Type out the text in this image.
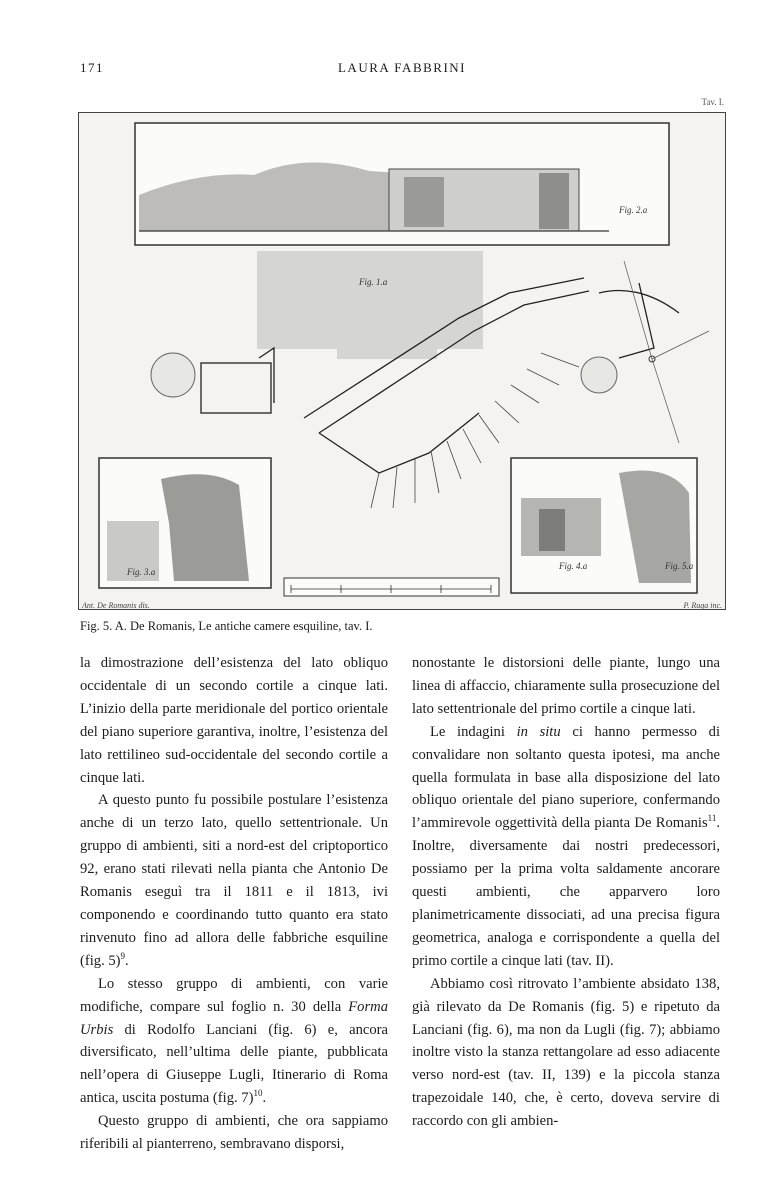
171	LAURA FABBRINI
Tav. I.
Fig. 2.a
Fig. 1.a
Fig. 3.a
Fig. 4.a	Fig. 5.a
Ant. De Romanis dis.	P. Ruga inc.
Fig. 5. A. De Romanis, Le antiche camere esquiline, tav. I.

la dimostrazione dell’esistenza del lato obliquo occidentale di un secondo cortile a cinque lati. L’inizio della parte meridionale del portico orientale del piano superiore garantiva, inoltre, l’esistenza del lato rettilineo sud-occidentale del secondo cortile a cinque lati.

A questo punto fu possibile postulare l’esistenza anche di un terzo lato, quello settentrionale. Un gruppo di ambienti, siti a nord-est del criptoportico 92, erano stati rilevati nella pianta che Antonio De Romanis eseguì tra il 1811 e il 1813, ivi componendo e coordinando tutto quanto era stato rinvenuto fino ad allora delle fabbriche esquiline (fig. 5)$^9$.

Lo stesso gruppo di ambienti, con varie modifiche, compare sul foglio n. 30 della Forma Urbis di Rodolfo Lanciani (fig. 6) e, ancora diversificato, nell’ultima delle piante, pubblicata nell’opera di Giuseppe Lugli, Itinerario di Roma antica, uscita postuma (fig. 7)$^{10}$.

Questo gruppo di ambienti, che ora sappiamo riferibili al pianterreno, sembravano disporsi,

nonostante le distorsioni delle piante, lungo una linea di affaccio, chiaramente sulla prosecuzione del lato settentrionale del primo cortile a cinque lati.

Le indagini in situ ci hanno permesso di convalidare non soltanto questa ipotesi, ma anche quella formulata in base alla disposizione del lato obliquo orientale del piano superiore, confermando l’ammirevole oggettività della pianta De Romanis$^{11}$. Inoltre, diversamente dai nostri predecessori, possiamo per la prima volta saldamente ancorare questi ambienti, che apparvero loro planimetricamente dissociati, ad una precisa figura geometrica, analoga e corrispondente a quella del primo cortile a cinque lati (tav. II).

Abbiamo così ritrovato l’ambiente absidato 138, già rilevato da De Romanis (fig. 5) e ripetuto da Lanciani (fig. 6), ma non da Lugli (fig. 7); abbiamo inoltre visto la stanza rettangolare ad esso adiacente verso nord-est (tav. II, 139) e la piccola stanza trapezoidale 140, che, è certo, doveva servire di raccordo con gli ambien-
